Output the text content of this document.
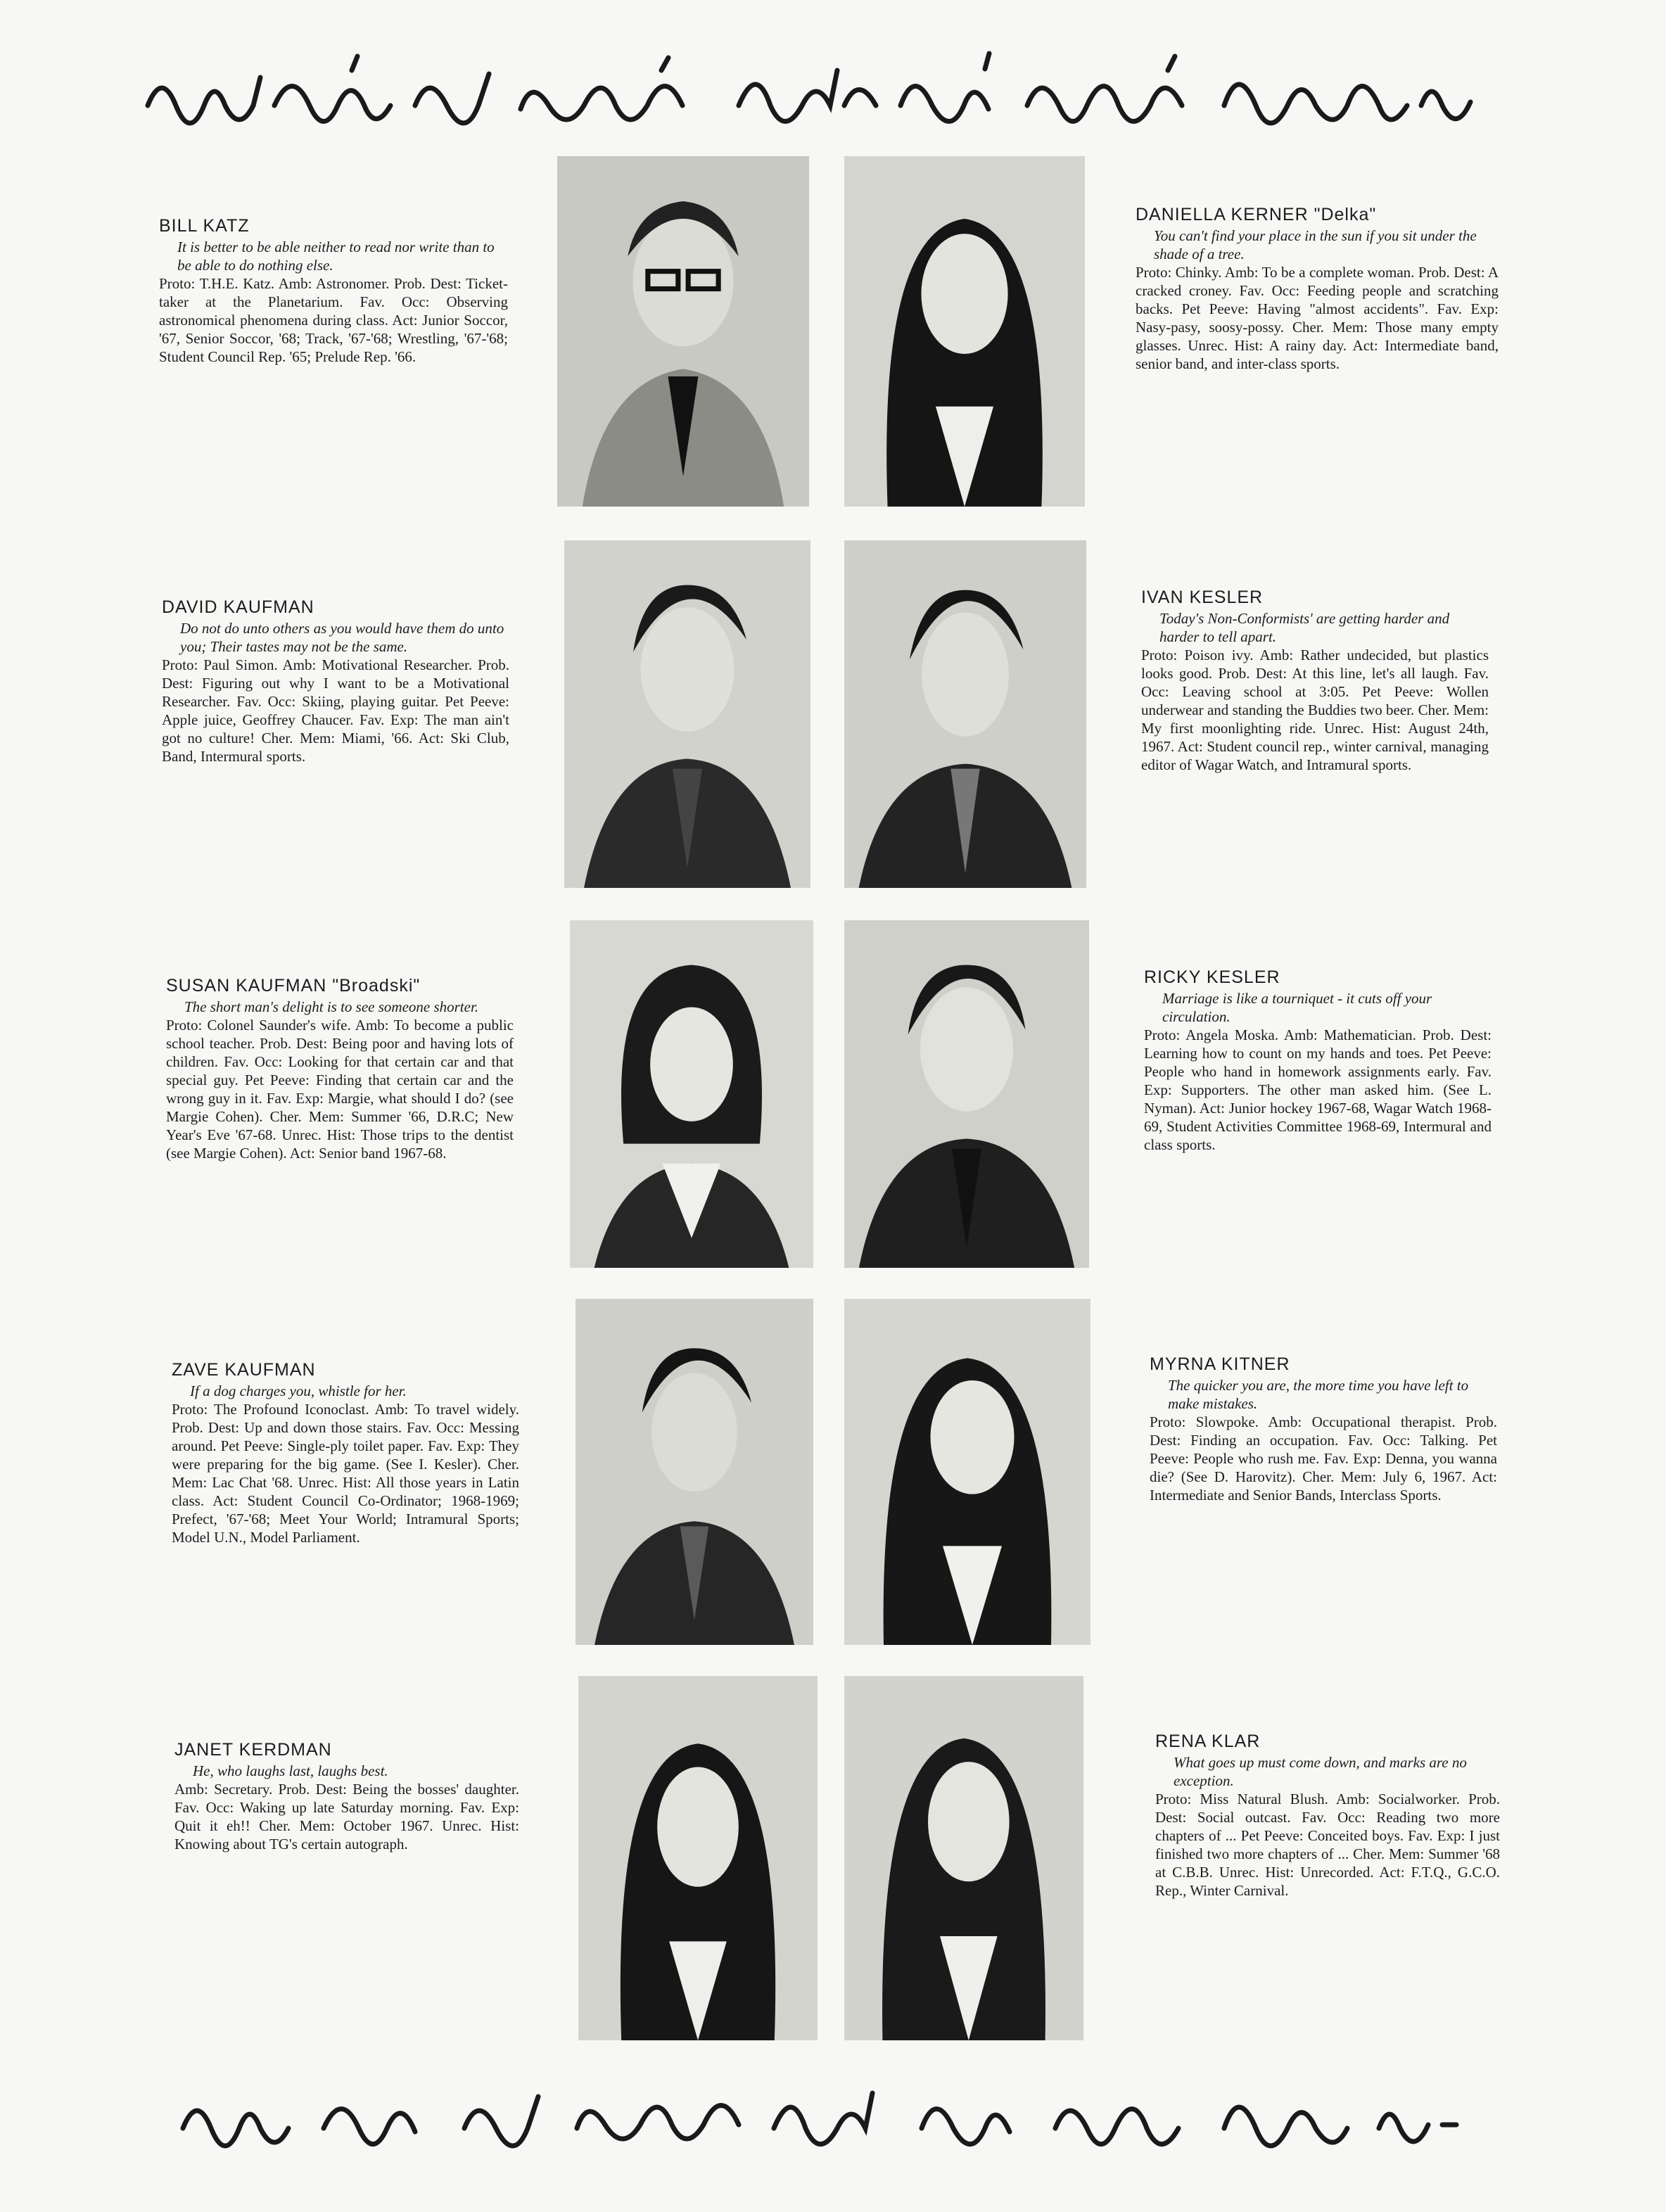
BILL KATZ
It is better to be able neither to read nor write than to be able to do nothing else.
Proto: T.H.E. Katz. Amb: Astronomer. Prob. Dest: Ticket-taker at the Planetarium. Fav. Occ: Observing astronomical phenomena during class. Act: Junior Soccor, '67, Senior Soccor, '68; Track, '67-'68; Wrestling, '67-'68; Student Council Rep. '65; Prelude Rep. '66.
DANIELLA KERNER "Delka"
You can't find your place in the sun if you sit under the shade of a tree.
Proto: Chinky. Amb: To be a complete woman. Prob. Dest: A cracked croney. Fav. Occ: Feeding people and scratching backs. Pet Peeve: Having "almost accidents". Fav. Exp: Nasy-pasy, soosy-possy. Cher. Mem: Those many empty glasses. Unrec. Hist: A rainy day. Act: Intermediate band, senior band, and inter-class sports.
DAVID KAUFMAN
Do not do unto others as you would have them do unto you; Their tastes may not be the same.
Proto: Paul Simon. Amb: Motivational Researcher. Prob. Dest: Figuring out why I want to be a Motivational Researcher. Fav. Occ: Skiing, playing guitar. Pet Peeve: Apple juice, Geoffrey Chaucer. Fav. Exp: The man ain't got no culture! Cher. Mem: Miami, '66. Act: Ski Club, Band, Intermural sports.
IVAN KESLER
Today's Non-Conformists' are getting harder and harder to tell apart.
Proto: Poison ivy. Amb: Rather undecided, but plastics looks good. Prob. Dest: At this line, let's all laugh. Fav. Occ: Leaving school at 3:05. Pet Peeve: Wollen underwear and standing the Buddies two beer. Cher. Mem: My first moonlighting ride. Unrec. Hist: August 24th, 1967. Act: Student council rep., winter carnival, managing editor of Wagar Watch, and Intramural sports.
SUSAN KAUFMAN "Broadski"
The short man's delight is to see someone shorter.
Proto: Colonel Saunder's wife. Amb: To become a public school teacher. Prob. Dest: Being poor and having lots of children. Fav. Occ: Looking for that certain car and that special guy. Pet Peeve: Finding that certain car and the wrong guy in it. Fav. Exp: Margie, what should I do? (see Margie Cohen). Cher. Mem: Summer '66, D.R.C; New Year's Eve '67-68. Unrec. Hist: Those trips to the dentist (see Margie Cohen). Act: Senior band 1967-68.
RICKY KESLER
Marriage is like a tourniquet - it cuts off your circulation.
Proto: Angela Moska. Amb: Mathematician. Prob. Dest: Learning how to count on my hands and toes. Pet Peeve: People who hand in homework assignments early. Fav. Exp: Supporters. The other man asked him. (See L. Nyman). Act: Junior hockey 1967-68, Wagar Watch 1968-69, Student Activities Committee 1968-69, Intermural and class sports.
ZAVE KAUFMAN
If a dog charges you, whistle for her.
Proto: The Profound Iconoclast. Amb: To travel widely. Prob. Dest: Up and down those stairs. Fav. Occ: Messing around. Pet Peeve: Single-ply toilet paper. Fav. Exp: They were preparing for the big game. (See I. Kesler). Cher. Mem: Lac Chat '68. Unrec. Hist: All those years in Latin class. Act: Student Council Co-Ordinator; 1968-1969; Prefect, '67-'68; Meet Your World; Intramural Sports; Model U.N., Model Parliament.
MYRNA KITNER
The quicker you are, the more time you have left to make mistakes.
Proto: Slowpoke. Amb: Occupational therapist. Prob. Dest: Finding an occupation. Fav. Occ: Talking. Pet Peeve: People who rush me. Fav. Exp: Denna, you wanna die? (See D. Harovitz). Cher. Mem: July 6, 1967. Act: Intermediate and Senior Bands, Interclass Sports.
JANET KERDMAN
He, who laughs last, laughs best.
Amb: Secretary. Prob. Dest: Being the bosses' daughter. Fav. Occ: Waking up late Saturday morning. Fav. Exp: Quit it eh!! Cher. Mem: October 1967. Unrec. Hist: Knowing about TG's certain autograph.
RENA KLAR
What goes up must come down, and marks are no exception.
Proto: Miss Natural Blush. Amb: Socialworker. Prob. Dest: Social outcast. Fav. Occ: Reading two more chapters of ... Pet Peeve: Conceited boys. Fav. Exp: I just finished two more chapters of ... Cher. Mem: Summer '68 at C.B.B. Unrec. Hist: Unrecorded. Act: F.T.Q., G.C.O. Rep., Winter Carnival.
